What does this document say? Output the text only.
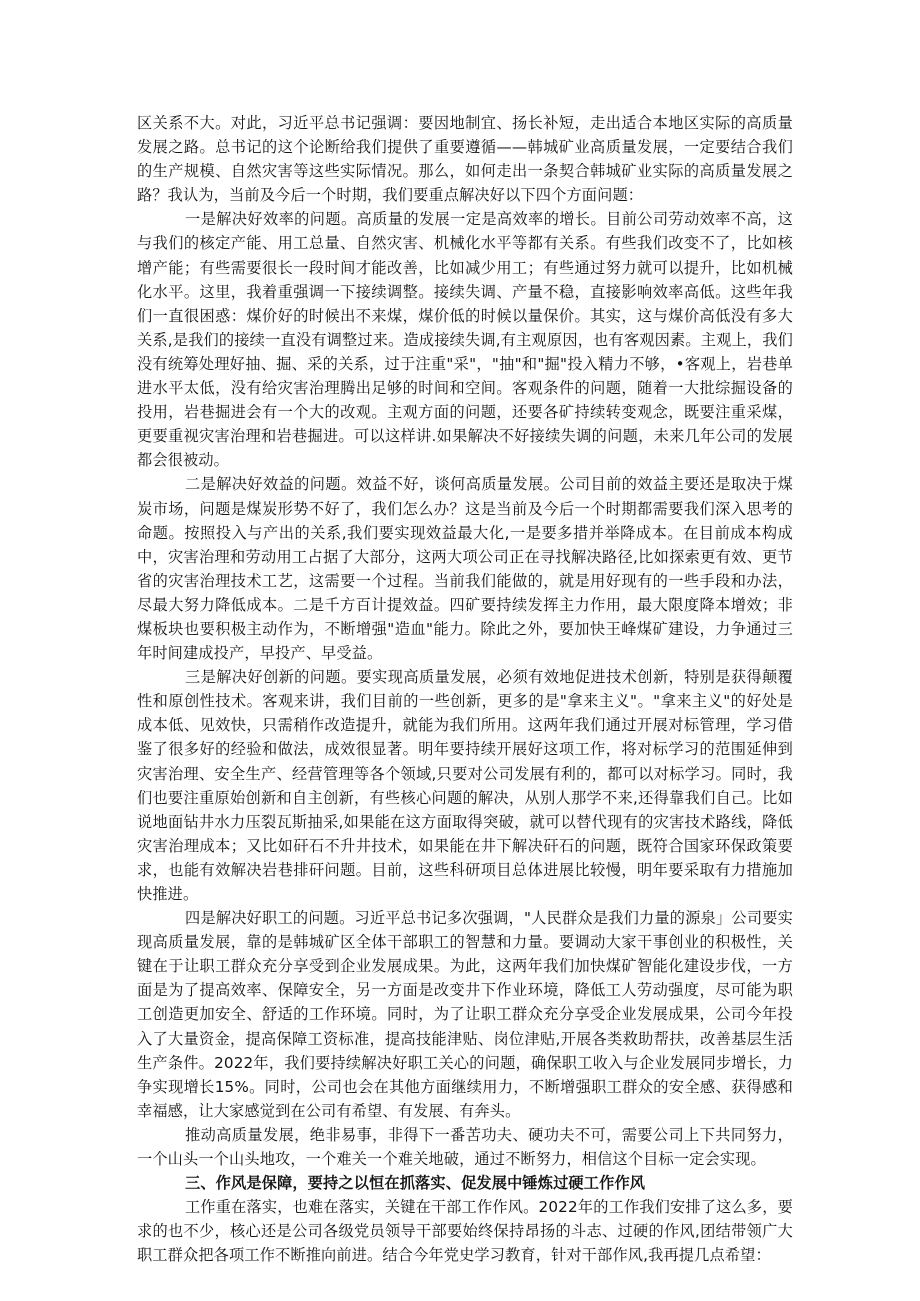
区关系不大。对此，习近平总书记强调：要因地制宜、扬长补短，走出适合本地区实际的高质量发展之路。总书记的这个论断给我们提供了重要遵循——韩城矿业高质量发展，一定要结合我们的生产规模、自然灾害等这些实际情况。那么，如何走出一条契合韩城矿业实际的高质量发展之路？我认为，当前及今后一个时期，我们要重点解决好以下四个方面问题：

一是解决好效率的问题。高质量的发展一定是高效率的增长。目前公司劳动效率不高，这与我们的核定产能、用工总量、自然灾害、机械化水平等都有关系。有些我们改变不了，比如核增产能；有些需要很长一段时间才能改善，比如减少用工；有些通过努力就可以提升，比如机械化水平。这里，我着重强调一下接续调整。接续失调、产量不稳，直接影响效率高低。这些年我们一直很困惑：煤价好的时候出不来煤，煤价低的时候以量保价。其实，这与煤价高低没有多大关系,是我们的接续一直没有调整过来。造成接续失调,有主观原因，也有客观因素。主观上，我们没有统筹处理好抽、掘、采的关系，过于注重"采"，"抽"和"掘"投入精力不够，•客观上，岩巷单进水平太低，没有给灾害治理腾出足够的时间和空间。客观条件的问题，随着一大批综掘设备的投用，岩巷掘进会有一个大的改观。主观方面的问题，还要各矿持续转变观念，既要注重采煤，更要重视灾害治理和岩巷掘进。可以这样讲.如果解决不好接续失调的问题，未来几年公司的发展都会很被动。

二是解决好效益的问题。效益不好，谈何高质量发展。公司目前的效益主要还是取决于煤炭市场，问题是煤炭形势不好了，我们怎么办？这是当前及今后一个时期都需要我们深入思考的命题。按照投入与产出的关系,我们要实现效益最大化,一是要多措并举降成本。在目前成本构成中，灾害治理和劳动用工占据了大部分，这两大项公司正在寻找解决路径,比如探索更有效、更节省的灾害治理技术工艺，这需要一个过程。当前我们能做的，就是用好现有的一些手段和办法，尽最大努力降低成本。二是千方百计提效益。四矿要持续发挥主力作用，最大限度降本增效；非煤板块也要积极主动作为，不断增强"造血"能力。除此之外，要加快王峰煤矿建设，力争通过三年时间建成投产，早投产、早受益。

三是解决好创新的问题。要实现高质量发展，必须有效地促进技术创新，特别是获得颠覆性和原创性技术。客观来讲，我们目前的一些创新，更多的是"拿来主义"。"拿来主义"的好处是成本低、见效快，只需稍作改造提升，就能为我们所用。这两年我们通过开展对标管理，学习借鉴了很多好的经验和做法，成效很显著。明年要持续开展好这项工作，将对标学习的范围延伸到灾害治理、安全生产、经营管理等各个领域,只要对公司发展有利的，都可以对标学习。同时，我们也要注重原始创新和自主创新，有些核心问题的解决，从别人那学不来,还得靠我们自己。比如说地面钻井水力压裂瓦斯抽采,如果能在这方面取得突破，就可以替代现有的灾害技术路线，降低灾害治理成本；又比如矸石不升井技术，如果能在井下解决矸石的问题，既符合国家环保政策要求，也能有效解决岩巷排矸问题。目前，这些科研项目总体进展比较慢，明年要采取有力措施加快推进。

四是解决好职工的问题。习近平总书记多次强调，"人民群众是我们力量的源泉」公司要实现高质量发展，靠的是韩城矿区全体干部职工的智慧和力量。要调动大家干事创业的积极性，关键在于让职工群众充分享受到企业发展成果。为此，这两年我们加快煤矿智能化建设步伐，一方面是为了提高效率、保障安全，另一方面是改变井下作业环境，降低工人劳动强度，尽可能为职工创造更加安全、舒适的工作环境。同时，为了让职工群众充分享受企业发展成果，公司今年投入了大量资金，提高保障工资标准，提高技能津贴、岗位津贴,开展各类救助帮扶，改善基层生活生产条件。2022年，我们要持续解决好职工关心的问题，确保职工收入与企业发展同步增长，力争实现增长15%。同时，公司也会在其他方面继续用力，不断增强职工群众的安全感、获得感和幸福感，让大家感觉到在公司有希望、有发展、有奔头。

推动高质量发展，绝非易事，非得下一番苦功夫、硬功夫不可，需要公司上下共同努力，一个山头一个山头地攻，一个难关一个难关地破，通过不断努力，相信这个目标一定会实现。

三、作风是保障，要持之以恒在抓落实、促发展中锤炼过硬工作作风

工作重在落实，也难在落实，关键在干部工作作风。2022年的工作我们安排了这么多，要求的也不少，核心还是公司各级党员领导干部要始终保持昂扬的斗志、过硬的作风,团结带领广大职工群众把各项工作不断推向前进。结合今年党史学习教育，针对干部作风,我再提几点希望：
